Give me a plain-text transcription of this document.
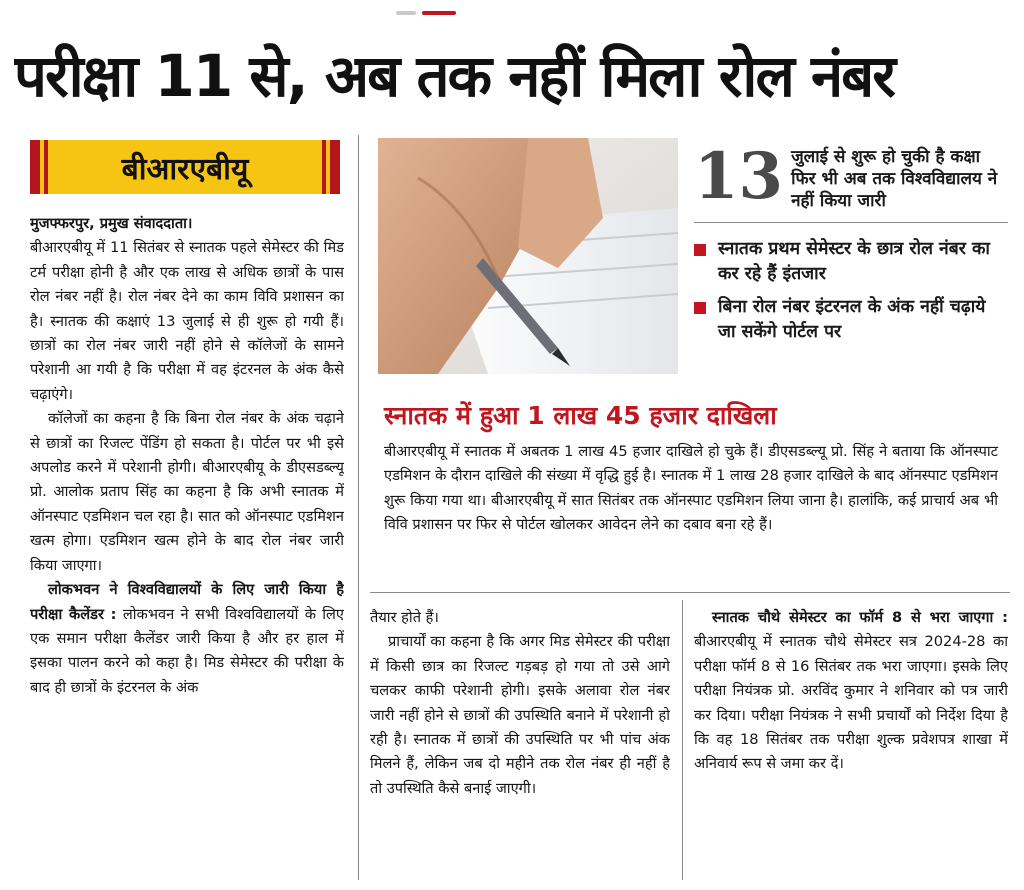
परीक्षा 11 से, अब तक नहीं मिला रोल नंबर
बीआरएबीयू

मुजफ्फरपुर, प्रमुख संवाददाता।

बीआरएबीयू में 11 सितंबर से स्नातक पहले सेमेस्टर की मिड टर्म परीक्षा होनी है और एक लाख से अधिक छात्रों के पास रोल नंबर नहीं है। रोल नंबर देने का काम विवि प्रशासन का है। स्नातक की कक्षाएं 13 जुलाई से ही शुरू हो गयी हैं। छात्रों का रोल नंबर जारी नहीं होने से कॉलेजों के सामने परेशानी आ गयी है कि परीक्षा में वह इंटरनल के अंक कैसे चढ़ाएंगे।

कॉलेजों का कहना है कि बिना रोल नंबर के अंक चढ़ाने से छात्रों का रिजल्ट पेंडिंग हो सकता है। पोर्टल पर भी इसे अपलोड करने में परेशानी होगी। बीआरएबीयू के डीएसडब्ल्यू प्रो. आलोक प्रताप सिंह का कहना है कि अभी स्नातक में ऑनस्पाट एडमिशन चल रहा है। सात को ऑनस्पाट एडमिशन खत्म होगा। एडमिशन खत्म होने के बाद रोल नंबर जारी किया जाएगा।

लोकभवन ने विश्वविद्यालयों के लिए जारी किया है परीक्षा कैलेंडर : लोकभवन ने सभी विश्वविद्यालयों के लिए एक समान परीक्षा कैलेंडर जारी किया है और हर हाल में इसका पालन करने को कहा है। मिड सेमेस्टर की परीक्षा के बाद ही छात्रों के इंटरनल के अंक

13 जुलाई से शुरू हो चुकी है कक्षा फिर भी अब तक विश्वविद्यालय ने नहीं किया जारी
स्नातक प्रथम सेमेस्टर के छात्र रोल नंबर का कर रहे हैं इंतजार
बिना रोल नंबर इंटरनल के अंक नहीं चढ़ाये जा सकेंगे पोर्टल पर
स्नातक में हुआ 1 लाख 45 हजार दाखिला
बीआरएबीयू में स्नातक में अबतक 1 लाख 45 हजार दाखिले हो चुके हैं। डीएसडब्ल्यू प्रो. सिंह ने बताया कि ऑनस्पाट एडमिशन के दौरान दाखिले की संख्या में वृद्धि हुई है। स्नातक में 1 लाख 28 हजार दाखिले के बाद ऑनस्पाट एडमिशन शुरू किया गया था। बीआरएबीयू में सात सितंबर तक ऑनस्पाट एडमिशन लिया जाना है। हालांकि, कई प्राचार्य अब भी विवि प्रशासन पर फिर से पोर्टल खोलकर आवेदन लेने का दबाव बना रहे हैं।

तैयार होते हैं।

प्राचार्यों का कहना है कि अगर मिड सेमेस्टर की परीक्षा में किसी छात्र का रिजल्ट गड़बड़ हो गया तो उसे आगे चलकर काफी परेशानी होगी। इसके अलावा रोल नंबर जारी नहीं होने से छात्रों की उपस्थिति बनाने में परेशानी हो रही है। स्नातक में छात्रों की उपस्थिति पर भी पांच अंक मिलने हैं, लेकिन जब दो महीने तक रोल नंबर ही नहीं है तो उपस्थिति कैसे बनाई जाएगी।

स्नातक चौथे सेमेस्टर का फॉर्म 8 से भरा जाएगा : बीआरएबीयू में स्नातक चौथे सेमेस्टर सत्र 2024-28 का परीक्षा फॉर्म 8 से 16 सितंबर तक भरा जाएगा। इसके लिए परीक्षा नियंत्रक प्रो. अरविंद कुमार ने शनिवार को पत्र जारी कर दिया। परीक्षा नियंत्रक ने सभी प्रचार्यों को निर्देश दिया है कि वह 18 सितंबर तक परीक्षा शुल्क प्रवेशपत्र शाखा में अनिवार्य रूप से जमा कर दें।
